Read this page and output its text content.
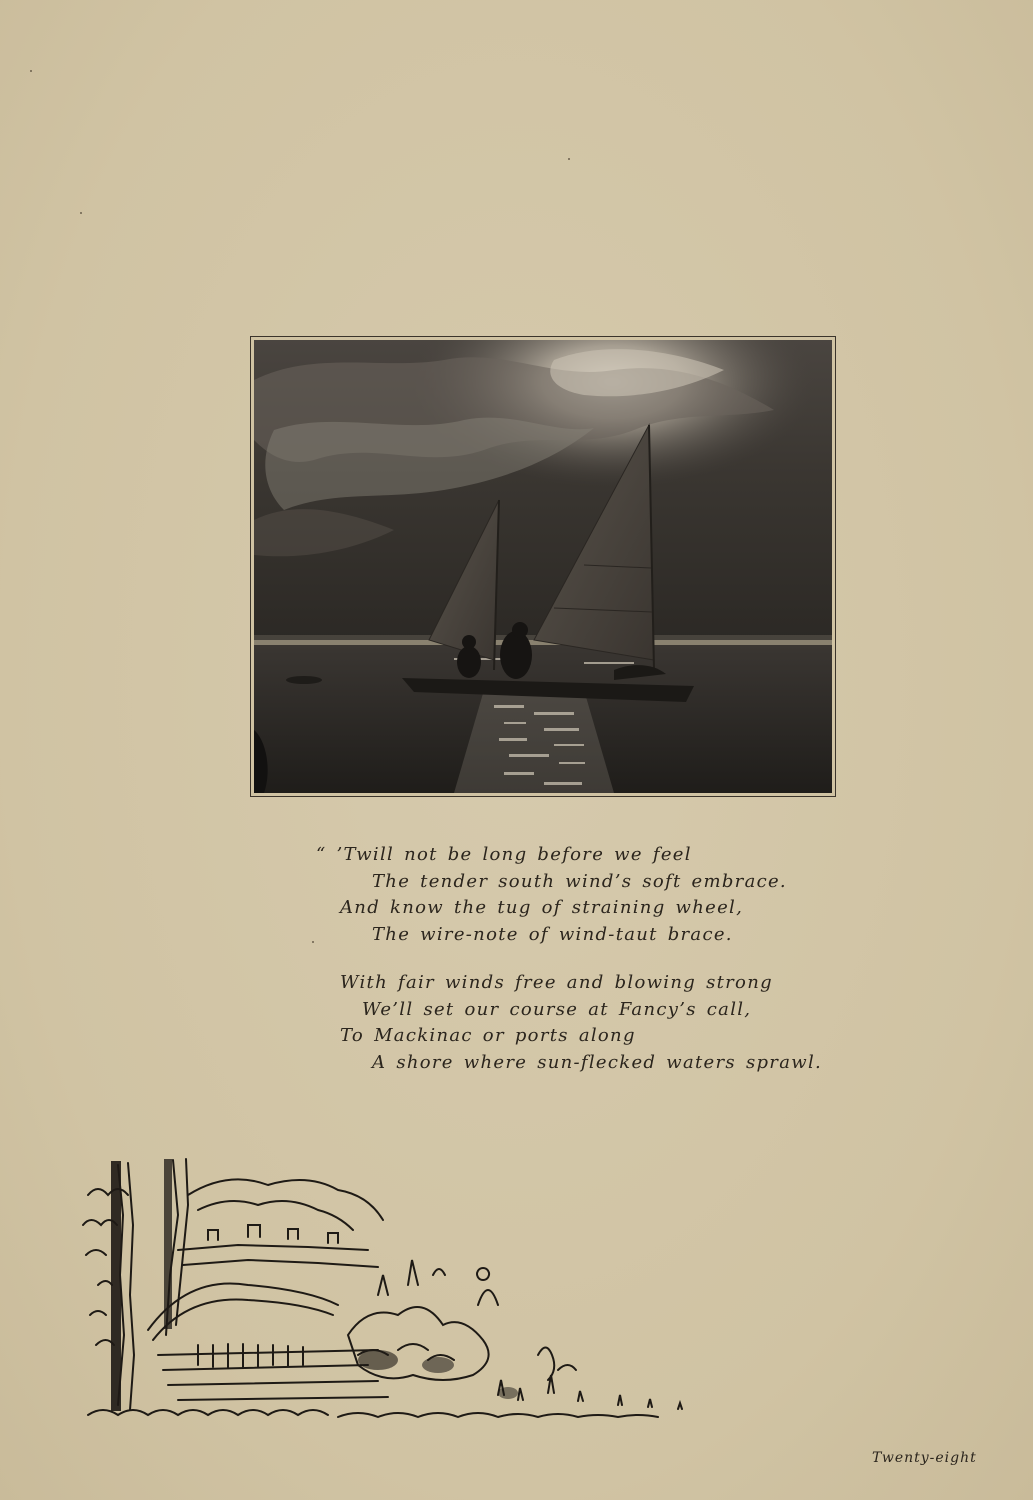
“ ’Twill not be long before we feel
The tender south wind’s soft embrace.
And know the tug of straining wheel,
The wire-note of wind-taut brace.
With fair winds free and blowing strong
We’ll set our course at Fancy’s call,
To Mackinac or ports along
A shore where sun-flecked waters sprawl.
Twenty-eight
